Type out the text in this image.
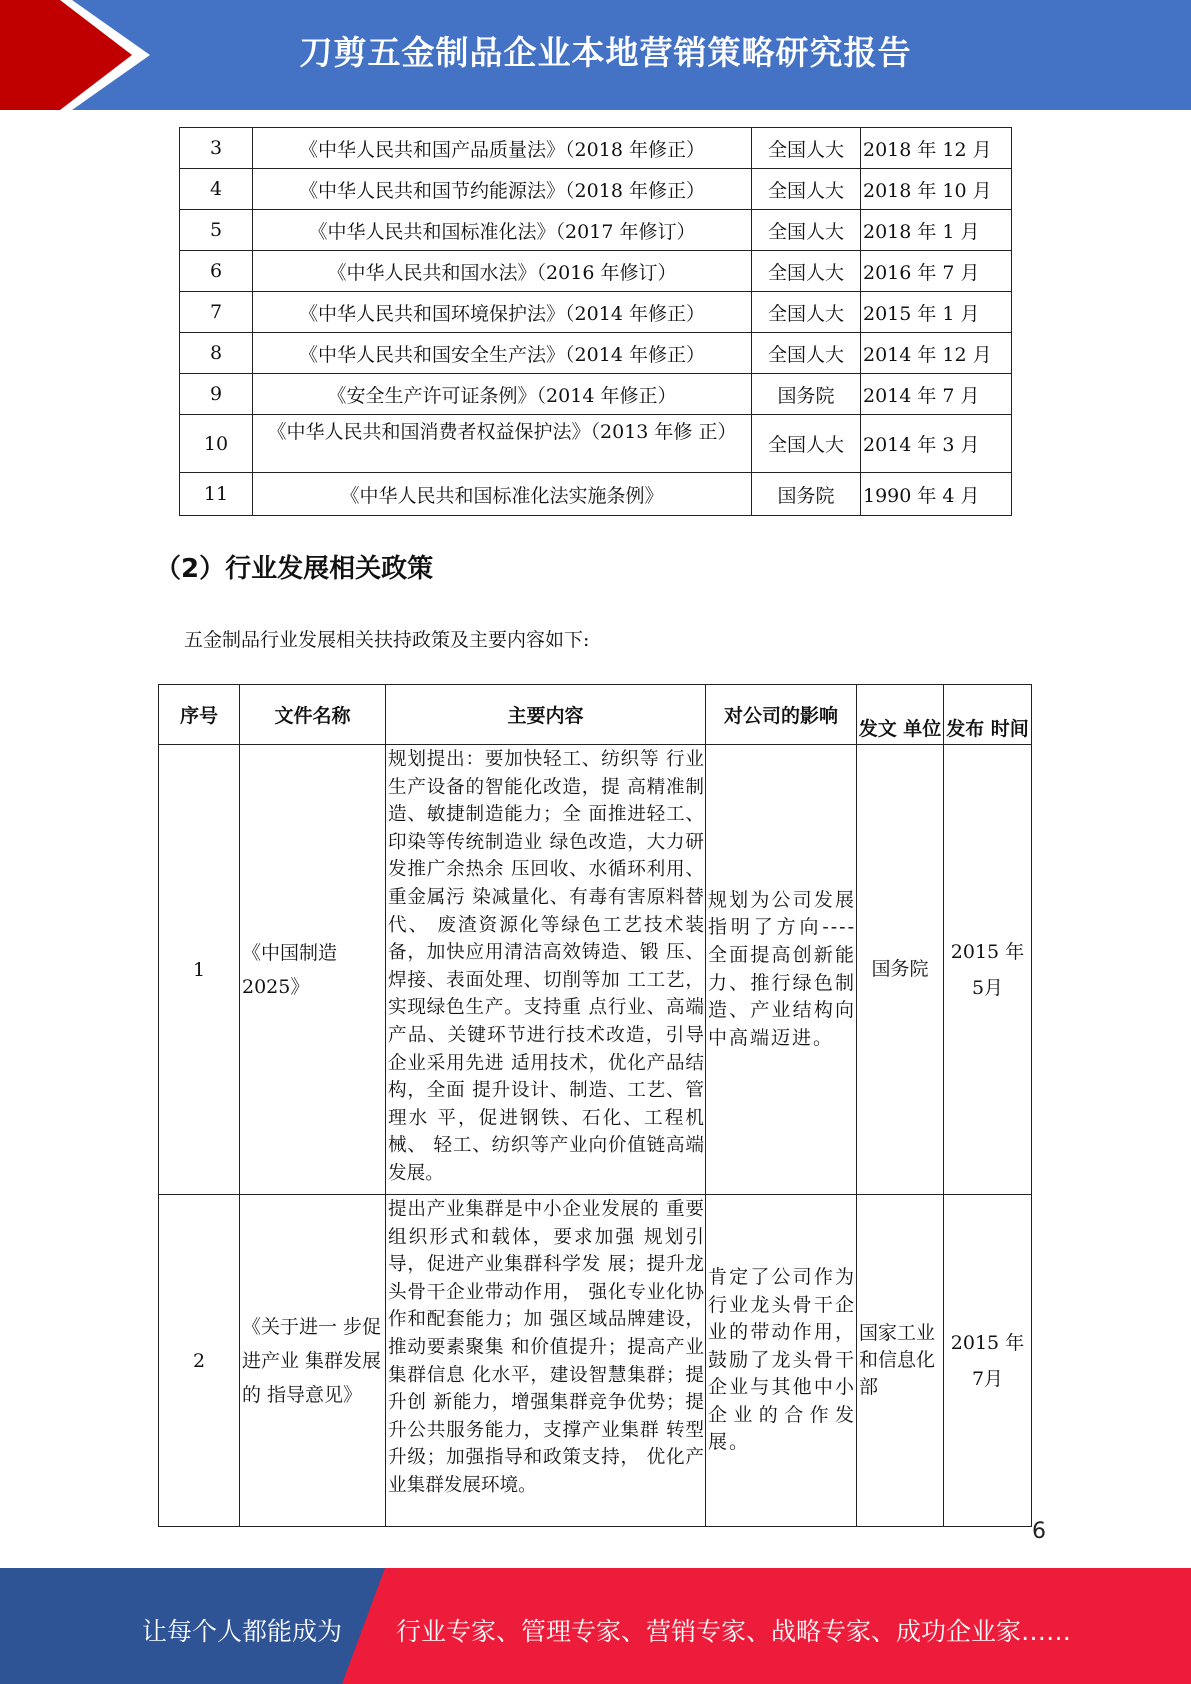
刀剪五金制品企业本地营销策略研究报告
3	《中华人民共和国产品质量法》（2018 年修正）	全国人大	2018 年 12 月
4	《中华人民共和国节约能源法》（2018 年修正）	全国人大	2018 年 10 月
5	《中华人民共和国标准化法》（2017 年修订）	全国人大	2018 年 1 月
6	《中华人民共和国水法》（2016 年修订）	全国人大	2016 年 7 月
7	《中华人民共和国环境保护法》（2014 年修正）	全国人大	2015 年 1 月
8	《中华人民共和国安全生产法》（2014 年修正）	全国人大	2014 年 12 月
9	《安全生产许可证条例》（2014 年修正）	国务院	2014 年 7 月
10	《中华人民共和国消费者权益保护法》（2013 年修 正）	全国人大	2014 年 3 月
11	《中华人民共和国标准化法实施条例》	国务院	1990 年 4 月
（2）行业发展相关政策

五金制品行业发展相关扶持政策及主要内容如下:

序号	文件名称	主要内容	对公司的影响	发文 单位	发布 时间
1	《中国制造 2025》	规划提出：要加快轻工、纺织等 行业生产设备的智能化改造，提 高精准制造、敏捷制造能力；全 面推进轻工、印染等传统制造业 绿色改造，大力研发推广余热余 压回收、水循环利用、重金属污 染减量化、有毒有害原料替代、 废渣资源化等绿色工艺技术装备，加快应用清洁高效铸造、锻 压、焊接、表面处理、切削等加 工工艺，实现绿色生产。支持重 点行业、高端产品、关键环节进行技术改造，引导企业采用先进 适用技术，优化产品结构，全面 提升设计、制造、工艺、管理水 平，促进钢铁、石化、工程机械、 轻工、纺织等产业向价值链高端 发展。	规划为公司发展指明了方向----全面提高创新能力、推行绿色制造、产业结构向中高端迈进。	国务院	2015 年 5月
2	《关于进一 步促进产业 集群发展的 指导意见》	提出产业集群是中小企业发展的 重要组织形式和载体，要求加强 规划引导，促进产业集群科学发 展；提升龙头骨干企业带动作用， 强化专业化协作和配套能力；加 强区域品牌建设，推动要素聚集 和价值提升；提高产业集群信息 化水平，建设智慧集群；提升创 新能力，增强集群竞争优势；提 升公共服务能力，支撑产业集群 转型升级；加强指导和政策支持， 优化产业集群发展环境。	肯定了公司作为行业龙头骨干企业的带动作用，鼓励了龙头骨干企业与其他中小企业的合作发 展。	国家工业和信息化部	2015 年 7月
6
让每个人都能成为 行业专家、管理专家、营销专家、战略专家、成功企业家……
